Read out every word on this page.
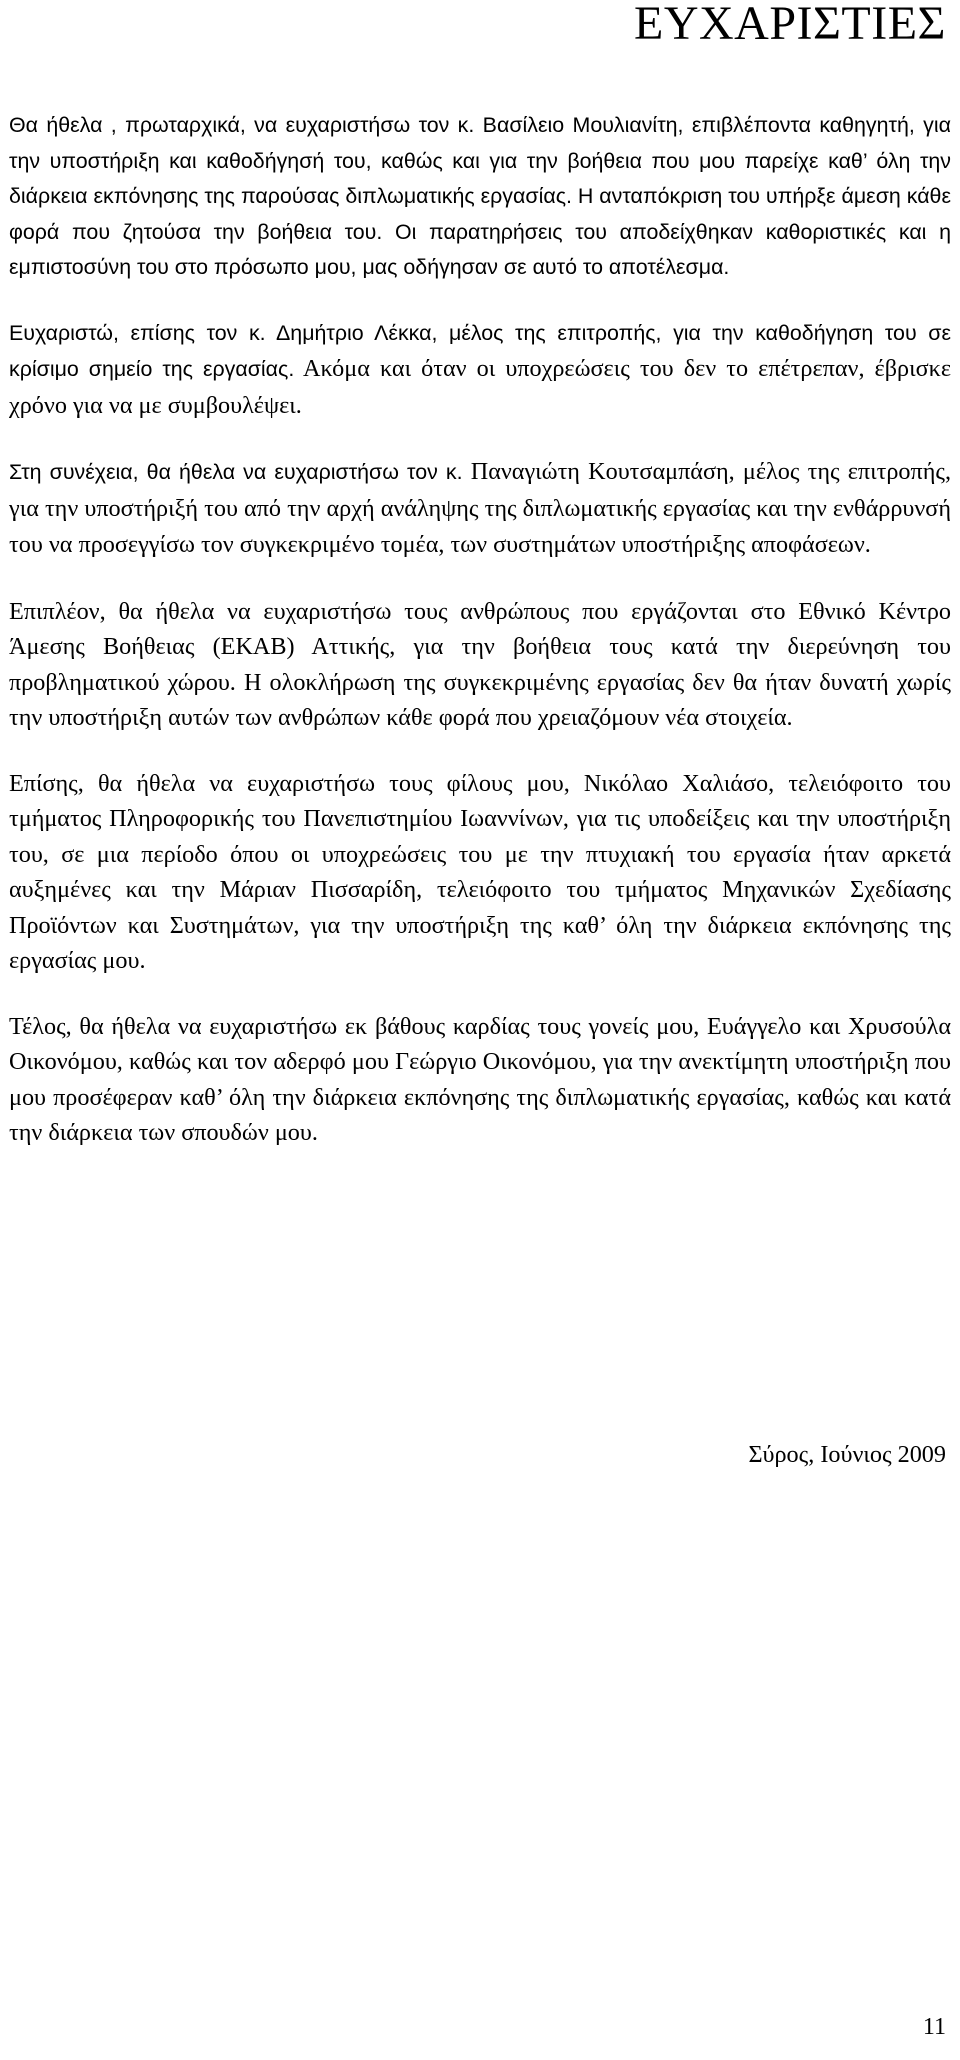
ΕΥΧΑΡΙΣΤΙΕΣ

Θα ήθελα , πρωταρχικά, να ευχαριστήσω τον κ. Βασίλειο Μουλιανίτη, επιβλέποντα καθηγητή, για την υποστήριξη και καθοδήγησή του, καθώς και για την βοήθεια που μου παρείχε καθ’ όλη την διάρκεια εκπόνησης της παρούσας διπλωματικής εργασίας. Η ανταπόκριση του υπήρξε άμεση κάθε φορά που ζητούσα την βοήθεια του. Οι παρατηρήσεις του αποδείχθηκαν καθοριστικές και η εμπιστοσύνη του στο πρόσωπο μου, μας οδήγησαν σε αυτό το αποτέλεσμα.

Ευχαριστώ, επίσης τον κ. Δημήτριο Λέκκα, μέλος της επιτροπής, για την καθοδήγηση του σε κρίσιμο σημείο της εργασίας. Ακόμα και όταν οι υποχρεώσεις του δεν το επέτρεπαν, έβρισκε χρόνο για να με συμβουλέψει.

Στη συνέχεια, θα ήθελα να ευχαριστήσω τον κ. Παναγιώτη Κουτσαμπάση, μέλος της επιτροπής, για την υποστήριξή του από την αρχή ανάληψης της διπλωματικής εργασίας και την ενθάρρυνσή του να προσεγγίσω τον συγκεκριμένο τομέα, των συστημάτων υποστήριξης αποφάσεων.

Επιπλέον, θα ήθελα να ευχαριστήσω τους ανθρώπους που εργάζονται στο Εθνικό Κέντρο Άμεσης Βοήθειας (ΕΚΑΒ) Αττικής, για την βοήθεια τους κατά την διερεύνηση του προβληματικού χώρου. Η ολοκλήρωση της συγκεκριμένης εργασίας δεν θα ήταν δυνατή χωρίς την υποστήριξη αυτών των ανθρώπων κάθε φορά που χρειαζόμουν νέα στοιχεία.

Επίσης, θα ήθελα να ευχαριστήσω τους φίλους μου, Νικόλαο Χαλιάσο, τελειόφοιτο του τμήματος Πληροφορικής του Πανεπιστημίου Ιωαννίνων, για τις υποδείξεις και την υποστήριξη του, σε μια περίοδο όπου οι υποχρεώσεις του με την πτυχιακή του εργασία ήταν αρκετά αυξημένες και την Μάριαν Πισσαρίδη, τελειόφοιτο του τμήματος Μηχανικών Σχεδίασης Προϊόντων και Συστημάτων, για την υποστήριξη της καθ’ όλη την διάρκεια εκπόνησης της εργασίας μου.

Τέλος, θα ήθελα να ευχαριστήσω εκ βάθους καρδίας τους γονείς μου, Ευάγγελο και Χρυσούλα Οικονόμου, καθώς και τον αδερφό μου Γεώργιο Οικονόμου, για την ανεκτίμητη υποστήριξη που μου προσέφεραν καθ’ όλη την διάρκεια εκπόνησης της διπλωματικής εργασίας, καθώς και κατά την διάρκεια των σπουδών μου.

Σύρος, Ιούνιος 2009

11
